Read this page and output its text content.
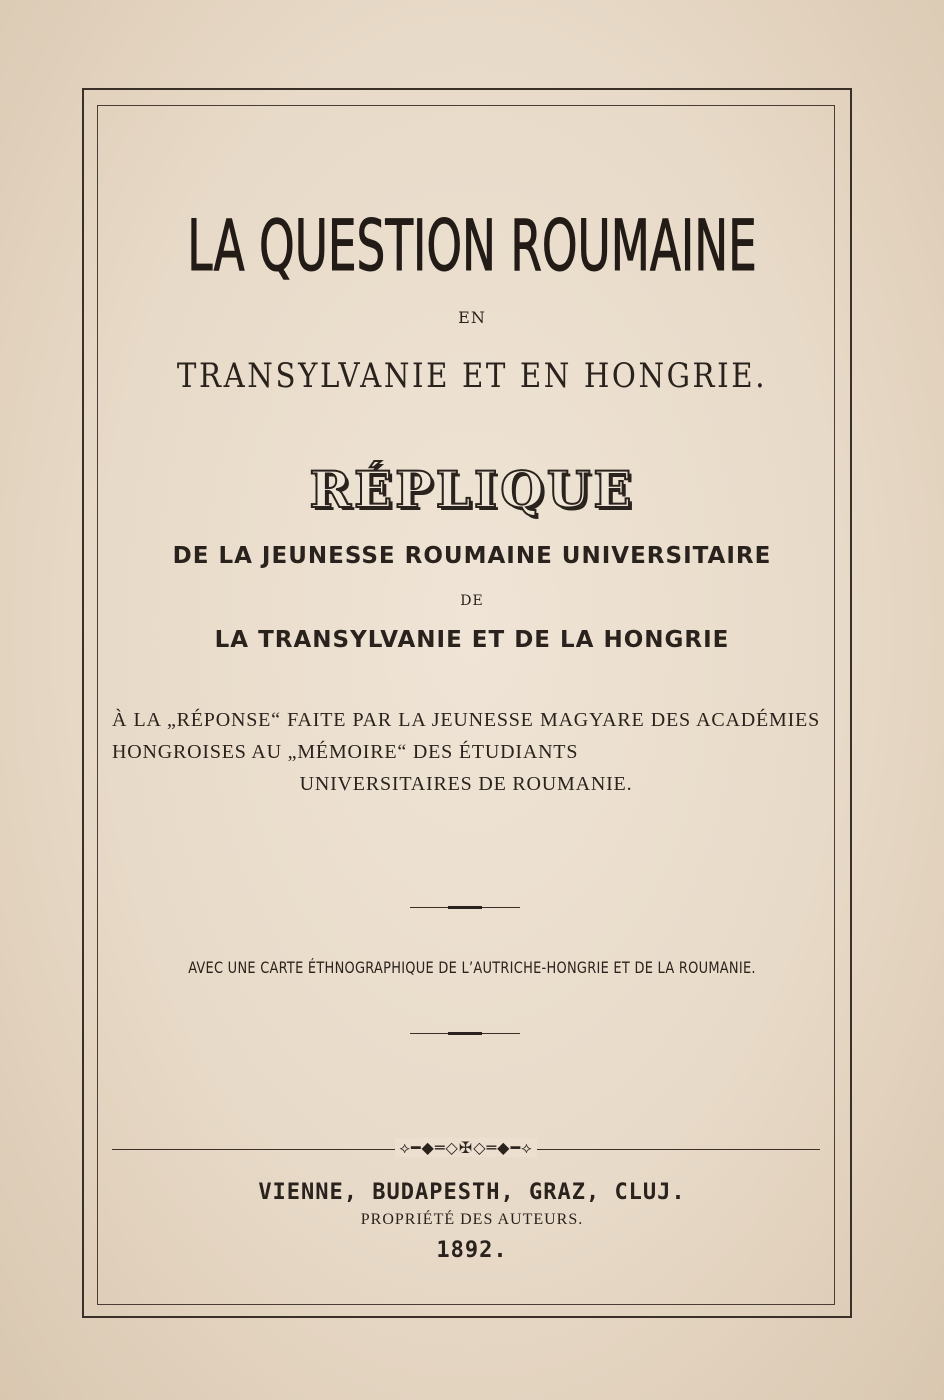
LA QUESTION ROUMAINE
EN
TRANSYLVANIE ET EN HONGRIE.
RÉPLIQUE
DE LA JEUNESSE ROUMAINE UNIVERSITAIRE
DE
LA TRANSYLVANIE ET DE LA HONGRIE
À LA „RÉPONSE“ FAITE PAR LA JEUNESSE MAGYARE DES ACADÉMIES HONGROISES AU „MÉMOIRE“ DES ÉTUDIANTS
UNIVERSITAIRES DE ROUMANIE.
AVEC UNE CARTE ÉTHNOGRAPHIQUE DE L’AUTRICHE-HONGRIE ET DE LA ROUMANIE.
⟡━◆═◇✠◇═◆━⟡
VIENNE, BUDAPESTH, GRAZ, CLUJ.
PROPRIÉTÉ DES AUTEURS.
1892.
